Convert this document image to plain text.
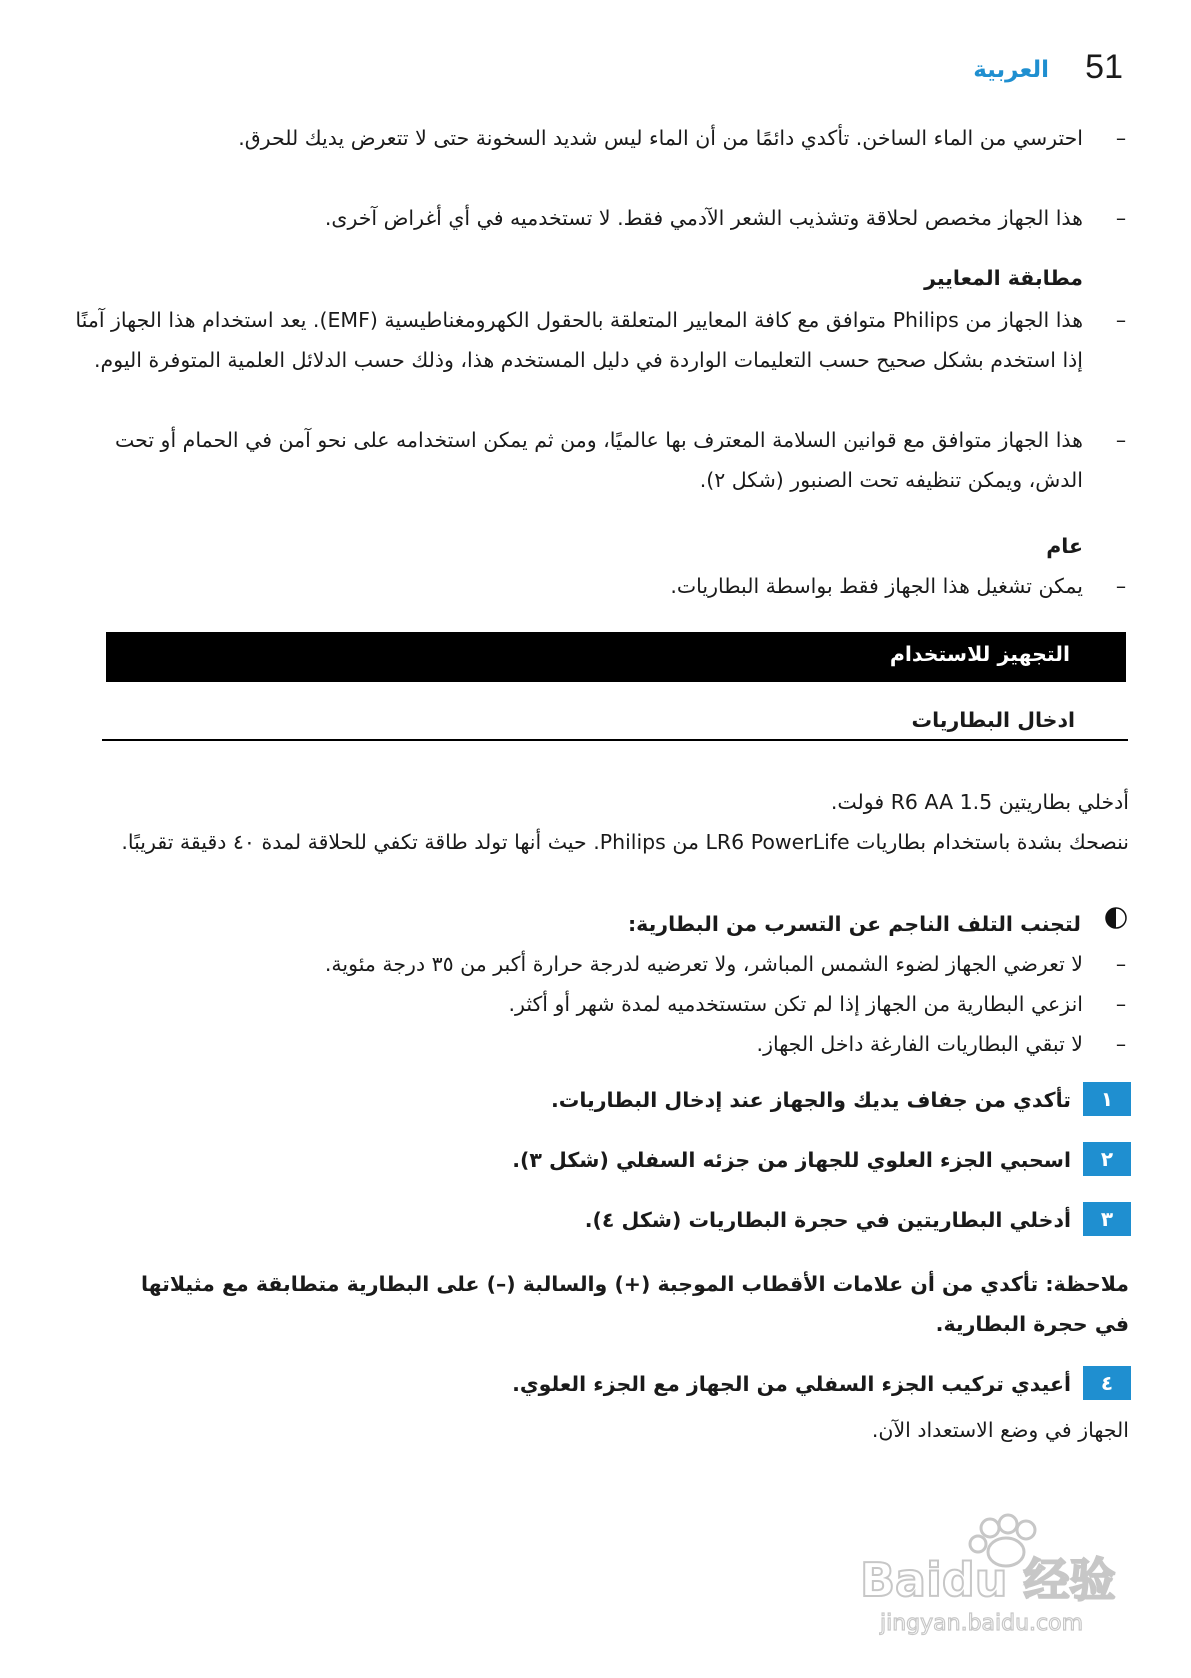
العربية 51
–
احترسي من الماء الساخن. تأكدي دائمًا من أن الماء ليس شديد السخونة حتى لا تتعرض يديك للحرق.
–
هذا الجهاز مخصص لحلاقة وتشذيب الشعر الآدمي فقط. لا تستخدميه في أي أغراض آخرى.
مطابقة المعايير
–
هذا الجهاز من Philips متوافق مع كافة المعايير المتعلقة بالحقول الكهرومغناطيسية (EMF). يعد استخدام هذا الجهاز آمنًا إذا استخدم بشكل صحيح حسب التعليمات الواردة في دليل المستخدم هذا، وذلك حسب الدلائل العلمية المتوفرة اليوم.
–
هذا الجهاز متوافق مع قوانين السلامة المعترف بها عالميًا، ومن ثم يمكن استخدامه على نحو آمن في الحمام أو تحت الدش، ويمكن تنظيفه تحت الصنبور (شكل ٢).
عام
–
يمكن تشغيل هذا الجهاز فقط بواسطة البطاريات.
التجهيز للاستخدام
ادخال البطاريات
أدخلي بطاريتين R6 AA 1.5 فولت.
ننصحك بشدة باستخدام بطاريات LR6 PowerLife من Philips. حيث أنها تولد طاقة تكفي للحلاقة لمدة ٤٠ دقيقة تقريبًا.
لتجنب التلف الناجم عن التسرب من البطارية:
–
لا تعرضي الجهاز لضوء الشمس المباشر، ولا تعرضيه لدرجة حرارة أكبر من ٣٥ درجة مئوية.
–
انزعي البطارية من الجهاز إذا لم تكن ستستخدميه لمدة شهر أو أكثر.
–
لا تبقي البطاريات الفارغة داخل الجهاز.
١
تأكدي من جفاف يديك والجهاز عند إدخال البطاريات.
٢
اسحبي الجزء العلوي للجهاز من جزئه السفلي (شكل ٣).
٣
أدخلي البطاريتين في حجرة البطاريات (شكل ٤).
ملاحظة: تأكدي من أن علامات الأقطاب الموجبة (+) والسالبة (–) على البطارية متطابقة مع مثيلاتها في حجرة البطارية.
٤
أعيدي تركيب الجزء السفلي من الجهاز مع الجزء العلوي.
الجهاز في وضع الاستعداد الآن.
Baidu 经验
jingyan.baidu.com
